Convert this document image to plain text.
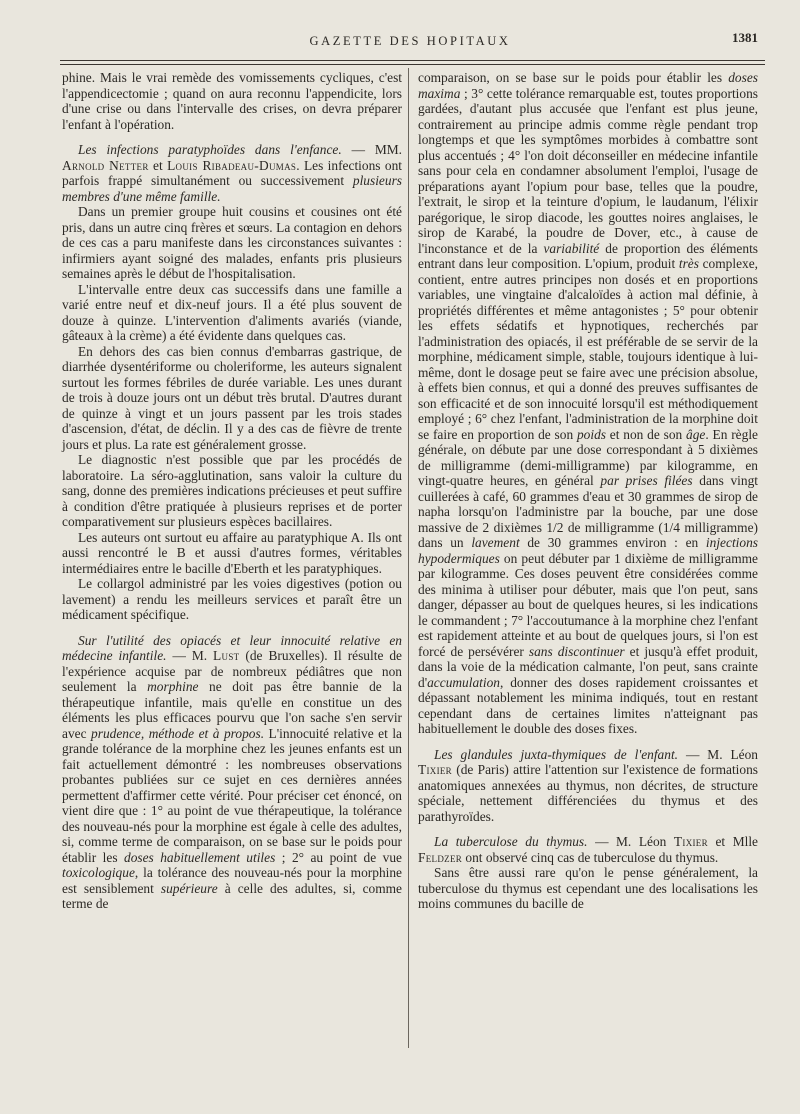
GAZETTE DES HOPITAUX	1381

phine. Mais le vrai remède des vomissements cycliques, c'est l'appendicectomie ; quand on aura reconnu l'appendicite, lors d'une crise ou dans l'intervalle des crises, on devra préparer l'enfant à l'opération.

Les infections paratyphoïdes dans l'enfance. — MM. Arnold Netter et Louis Ribadeau-Dumas. Les infections ont parfois frappé simultanément ou successivement plusieurs membres d'une même famille.

Dans un premier groupe huit cousins et cousines ont été pris, dans un autre cinq frères et sœurs. La contagion en dehors de ces cas a paru manifeste dans les circonstances suivantes : infirmiers ayant soigné des malades, enfants pris plusieurs semaines après le début de l'hospitalisation.

L'intervalle entre deux cas successifs dans une famille a varié entre neuf et dix-neuf jours. Il a été plus souvent de douze à quinze. L'intervention d'aliments avariés (viande, gâteaux à la crème) a été évidente dans quelques cas.

En dehors des cas bien connus d'embarras gastrique, de diarrhée dysentériforme ou choleriforme, les auteurs signalent surtout les formes fébriles de durée variable. Les unes durant de trois à douze jours ont un début très brutal. D'autres durant de quinze à vingt et un jours passent par les trois stades d'ascension, d'état, de déclin. Il y a des cas de fièvre de trente jours et plus. La rate est généralement grosse.

Le diagnostic n'est possible que par les procédés de laboratoire. La séro-agglutination, sans valoir la culture du sang, donne des premières indications précieuses et peut suffire à condition d'être pratiquée à plusieurs reprises et de porter comparativement sur plusieurs espèces bacillaires.

Les auteurs ont surtout eu affaire au paratyphique A. Ils ont aussi rencontré le B et aussi d'autres formes, véritables intermédiaires entre le bacille d'Eberth et les paratyphiques.

Le collargol administré par les voies digestives (potion ou lavement) a rendu les meilleurs services et paraît être un médicament spécifique.

Sur l'utilité des opiacés et leur innocuité relative en médecine infantile. — M. Lust (de Bruxelles). Il résulte de l'expérience acquise par de nombreux pédiâtres que non seulement la morphine ne doit pas être bannie de la thérapeutique infantile, mais qu'elle en constitue un des éléments les plus efficaces pourvu que l'on sache s'en servir avec prudence, méthode et à propos. L'innocuité relative et la grande tolérance de la morphine chez les jeunes enfants est un fait actuellement démontré : les nombreuses observations probantes publiées sur ce sujet en ces dernières années permettent d'affirmer cette vérité. Pour préciser cet énoncé, on vient dire que : 1° au point de vue thérapeutique, la tolérance des nouveau-nés pour la morphine est égale à celle des adultes, si, comme terme de comparaison, on se base sur le poids pour établir les doses habituellement utiles ; 2° au point de vue toxicologique, la tolérance des nouveau-nés pour la morphine est sensiblement supérieure à celle des adultes, si, comme terme de

comparaison, on se base sur le poids pour établir les doses maxima ; 3° cette tolérance remarquable est, toutes proportions gardées, d'autant plus accusée que l'enfant est plus jeune, contrairement au principe admis comme règle pendant trop longtemps et que les symptômes morbides à combattre sont plus accentués ; 4° l'on doit déconseiller en médecine infantile sans pour cela en condamner absolument l'emploi, l'usage de préparations ayant l'opium pour base, telles que la poudre, l'extrait, le sirop et la teinture d'opium, le laudanum, l'élixir parégorique, le sirop diacode, les gouttes noires anglaises, le sirop de Karabé, la poudre de Dover, etc., à cause de l'inconstance et de la variabilité de proportion des éléments entrant dans leur composition. L'opium, produit très complexe, contient, entre autres principes non dosés et en proportions variables, une vingtaine d'alcaloïdes à action mal définie, à propriétés différentes et même antagonistes ; 5° pour obtenir les effets sédatifs et hypnotiques, recherchés par l'administration des opiacés, il est préférable de se servir de la morphine, médicament simple, stable, toujours identique à lui-même, dont le dosage peut se faire avec une précision absolue, à effets bien connus, et qui a donné des preuves suffisantes de son efficacité et de son innocuité lorsqu'il est méthodiquement employé ; 6° chez l'enfant, l'administration de la morphine doit se faire en proportion de son poids et non de son âge. En règle générale, on débute par une dose correspondant à 5 dixièmes de milligramme (demi-milligramme) par kilogramme, en vingt-quatre heures, en général par prises filées dans vingt cuillerées à café, 60 grammes d'eau et 30 grammes de sirop de napha lorsqu'on l'administre par la bouche, par une dose massive de 2 dixièmes 1/2 de milligramme (1/4 milligramme) dans un lavement de 30 grammes environ : en injections hypodermiques on peut débuter par 1 dixième de milligramme par kilogramme. Ces doses peuvent être considérées comme des minima à utiliser pour débuter, mais que l'on peut, sans danger, dépasser au bout de quelques heures, si les indications le commandent ; 7° l'accoutumance à la morphine chez l'enfant est rapidement atteinte et au bout de quelques jours, si l'on est forcé de persévérer sans discontinuer et jusqu'à effet produit, dans la voie de la médication calmante, l'on peut, sans crainte d'accumulation, donner des doses rapidement croissantes et dépassant notablement les minima indiqués, tout en restant cependant dans de certaines limites n'atteignant pas habituellement le double des doses fixes.

Les glandules juxta-thymiques de l'enfant. — M. Léon Tixier (de Paris) attire l'attention sur l'existence de formations anatomiques annexées au thymus, non décrites, de structure spéciale, nettement différenciées du thymus et des parathyroïdes.

La tuberculose du thymus. — M. Léon Tixier et Mlle Feldzer ont observé cinq cas de tuberculose du thymus.

Sans être aussi rare qu'on le pense généralement, la tuberculose du thymus est cependant une des localisations les moins communes du bacille de
